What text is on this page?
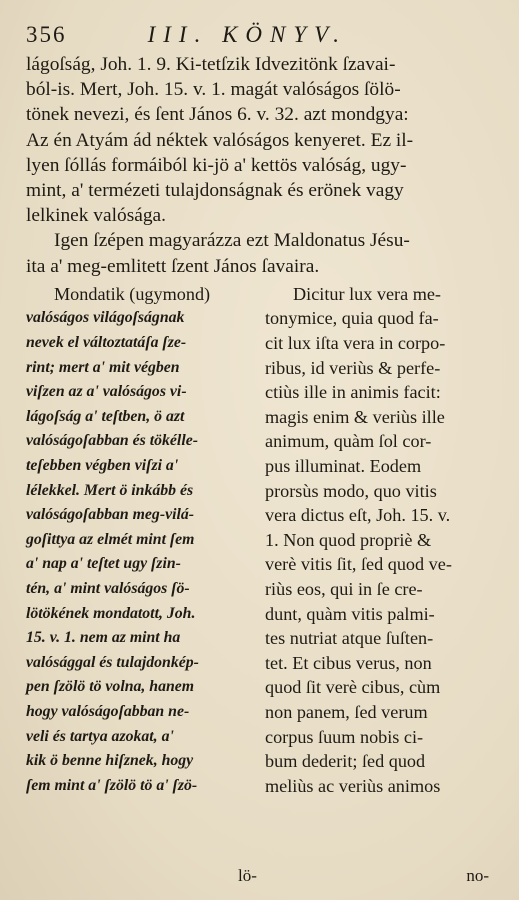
356	III. KÖNYV.

lágoſság, Joh. 1. 9. Ki-tetſzik Idvezitönk ſzavai-
ból-is. Mert, Joh. 15. v. 1. magát valóságos ſölö-
tönek nevezi, és ſent János 6. v. 32. azt mondgya:
Az én Atyám ád néktek valóságos kenyeret. Ez il-
lyen ſóllás formáiból ki-jö a' kettös valóság, ugy-
mint, a' termézeti tulajdonságnak és erönek vagy
lelkinek valósága.

Igen ſzépen magyarázza ezt Maldonatus Jésu-
ita a' meg-emlitett ſzent János ſavaira.

Mondatik (ugymond)
valóságos világoſságnak
nevek el változtatáſa ſze-
rint; mert a' mit végben
viſzen az a' valóságos vi-
lágoſság a' teſtben, ö azt
valóságoſabban és tökélle-
teſebben végben viſzi a'
lélekkel. Mert ö inkább és
valóságoſabban meg-vilá-
goſittya az elmét mint ſem
a' nap a' teſtet ugy ſzin-
tén, a' mint valóságos ſö-
lötökének mondatott, Joh.
15. v. 1. nem az mint ha
valósággal és tulajdonkép-
pen ſzölö tö volna, hanem
hogy valóságoſabban ne-
veli és tartya azokat, a'
kik ö benne hiſznek, hogy
ſem mint a' ſzölö tö a' ſzö-
Dicitur lux vera me-
tonymice, quia quod fa-
cit lux iſta vera in corpo-
ribus, id veriùs & perfe-
ctiùs ille in animis facit:
magis enim & veriùs ille
animum, quàm ſol cor-
pus illuminat. Eodem
prorsùs modo, quo vitis
vera dictus eſt, Joh. 15. v.
1. Non quod propriè &
verè vitis ſit, ſed quod ve-
riùs eos, qui in ſe cre-
dunt, quàm vitis palmi-
tes nutriat atque ſuſten-
tet. Et cibus verus, non
quod ſit verè cibus, cùm
non panem, ſed verum
corpus ſuum nobis ci-
bum dederit; ſed quod
meliùs ac veriùs animos
lö-	no-
